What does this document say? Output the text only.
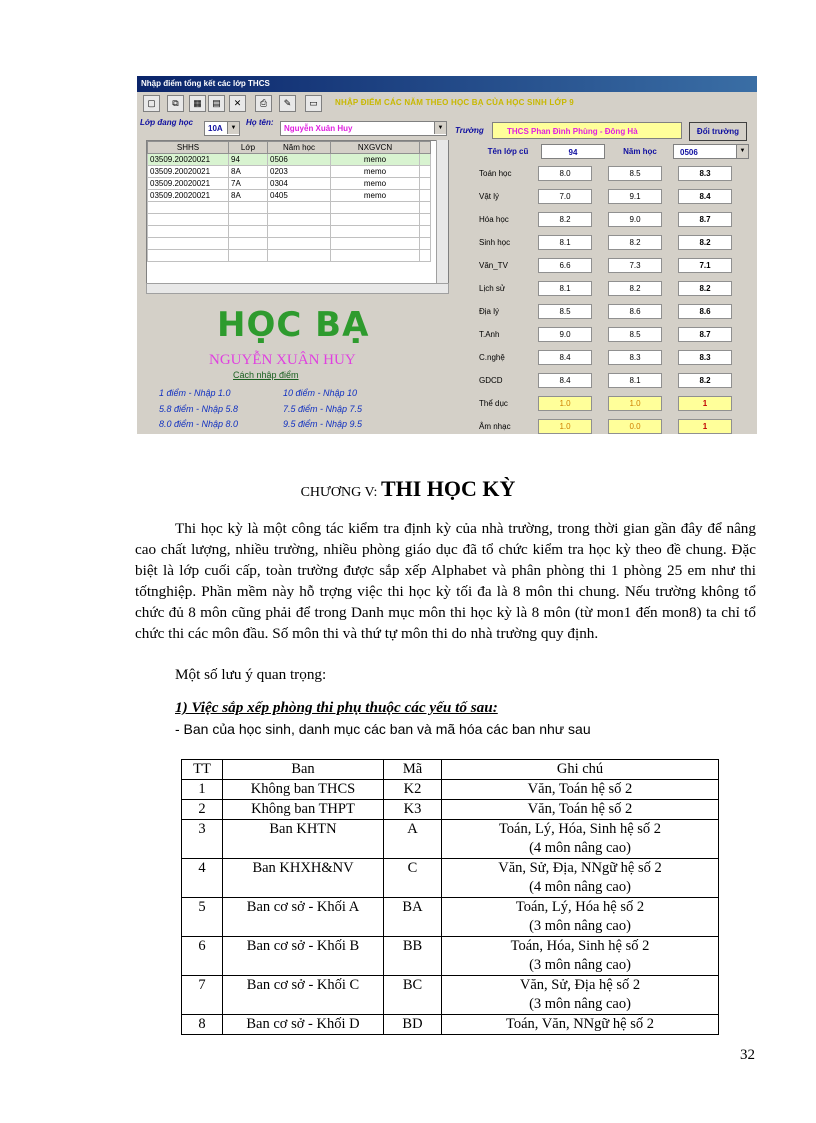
Nhập điểm tổng kết các lớp THCS
▢	⧉	▦	▤	✕	⎙	✎	▭	NHẬP ĐIỂM CÁC NĂM THEO HỌC BẠ CỦA HỌC SINH LỚP 9
Lớp đang học
10A	▼
Họ tên:
Nguyễn Xuân Huy	▼
SHHS	Lớp	Năm học	NXGVCN	
03509.20020021	94	0506	memo	
03509.20020021	8A	0203	memo	
03509.20020021	7A	0304	memo	
03509.20020021	8A	0405	memo	

HỌC BẠ
NGUYỄN XUÂN HUY
Cách nhập điểm
1 điểm - Nhập 1.0	10 điểm - Nhập 10
5.8 điểm - Nhập 5.8	7.5 điểm - Nhập 7.5
8.0 điểm - Nhập 8.0	9.5 điểm - Nhập 9.5
Trường	THCS Phan Đình Phùng - Đông Hà	Đổi trường
Tên lớp cũ	94	Năm học	0506	▼
Toán học	8.0	8.5	8.3
Vật lý	7.0	9.1	8.4
Hóa học	8.2	9.0	8.7
Sinh học	8.1	8.2	8.2
Văn_TV	6.6	7.3	7.1
Lịch sử	8.1	8.2	8.2
Địa lý	8.5	8.6	8.6
T.Anh	9.0	8.5	8.7
C.nghệ	8.4	8.3	8.3
GDCD	8.4	8.1	8.2
Thể dục	1.0	1.0	1
Âm nhạc	1.0	0.0	1
CHƯƠNG V: THI HỌC KỲ
Thi học kỳ là một công tác kiểm tra định kỳ của nhà trường, trong thời gian gần đây để nâng cao chất lượng, nhiều trường, nhiều phòng giáo dục đã tổ chức kiểm tra học kỳ theo đề chung. Đặc biệt là lớp cuối cấp, toàn trường được sắp xếp Alphabet và phân phòng thi 1 phòng 25 em như thi tốtnghiệp. Phần mềm này hỗ trợng việc thi học kỳ tối đa là 8 môn thi chung. Nếu trường không tổ chức đủ 8 môn cũng phải để trong Danh mục môn thi học kỳ là 8 môn (từ mon1 đến mon8) ta chỉ tổ chức thi các môn đầu. Số môn thi và thứ tự môn thi do nhà trường quy định.
Một số lưu ý quan trọng:
1) Việc sắp xếp phòng thi phụ thuộc các yếu tố sau:
- Ban của học sinh, danh mục các ban và mã hóa các ban như sau
TT	Ban	Mã	Ghi chú
1	Không ban THCS	K2	Văn, Toán hệ số 2

2	Không ban THPT	K3	Văn, Toán hệ số 2

3	Ban KHTN	A	Toán, Lý, Hóa, Sinh hệ số 2
(4 môn nâng cao)

4	Ban KHXH&NV	C	Văn, Sử, Địa, NNgữ hệ số 2
(4 môn nâng cao)

5	Ban cơ sở - Khối A	BA	Toán, Lý, Hóa hệ số 2
(3 môn nâng cao)

6	Ban cơ sở - Khối B	BB	Toán, Hóa, Sinh hệ số 2
(3 môn nâng cao)

7	Ban cơ sở - Khối C	BC	Văn, Sử, Địa hệ số 2
(3 môn nâng cao)

8	Ban cơ sở - Khối D	BD	Toán, Văn, NNgữ hệ số 2
32
